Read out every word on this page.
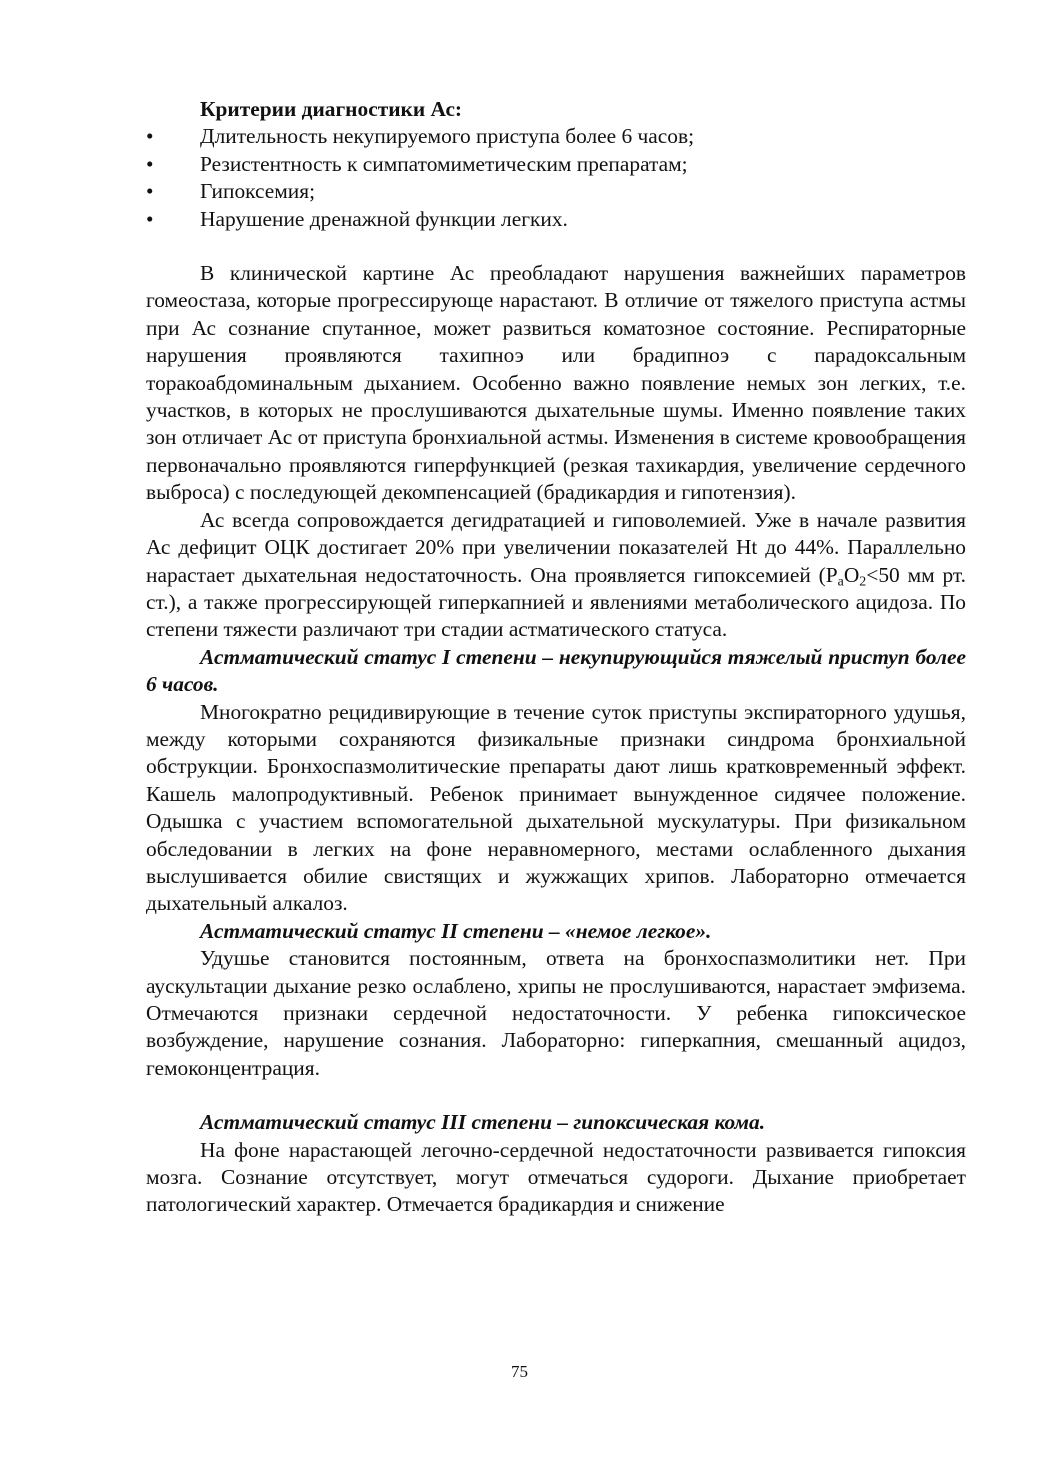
Критерии диагностики Ас:
• Длительность некупируемого приступа более 6 часов;
• Резистентность к симпатомиметическим препаратам;
• Гипоксемия;
• Нарушение дренажной функции легких.

В клинической картине Ас преобладают нарушения важнейших параметров гомеостаза, которые прогрессирующе нарастают. В отличие от тяжелого приступа астмы при Ас сознание спутанное, может развиться коматозное состояние. Респираторные нарушения проявляются тахипноэ или брадипноэ с парадоксальным торакоабдоминальным дыханием. Особенно важно появление немых зон легких, т.е. участков, в которых не прослушиваются дыхательные шумы. Именно появление таких зон отличает Ас от приступа бронхиальной астмы. Изменения в системе кровообращения первоначально проявляются гиперфункцией (резкая тахикардия, увеличение сердечного выброса) с последующей декомпенсацией (брадикардия и гипотензия).

Ас всегда сопровождается дегидратацией и гиповолемией. Уже в начале развития Ас дефицит ОЦК достигает 20% при увеличении показателей Ht до 44%. Параллельно нарастает дыхательная недостаточность. Она проявляется гипоксемией ($P_aO_2<50$ мм рт. ст.), а также прогрессирующей гиперкапнией и явлениями метаболического ацидоза. По степени тяжести различают три стадии астматического статуса.

Астматический статус I степени – некупирующийся тяжелый приступ более 6 часов.

Многократно рецидивирующие в течение суток приступы экспираторного удушья, между которыми сохраняются физикальные признаки синдрома бронхиальной обструкции. Бронхоспазмолитические препараты дают лишь кратковременный эффект. Кашель малопродуктивный. Ребенок принимает вынужденное сидячее положение. Одышка с участием вспомогательной дыхательной мускулатуры. При физикальном обследовании в легких на фоне неравномерного, местами ослабленного дыхания выслушивается обилие свистящих и жужжащих хрипов. Лабораторно отмечается дыхательный алкалоз.

Астматический статус II степени – «немое легкое».

Удушье становится постоянным, ответа на бронхоспазмолитики нет. При аускультации дыхание резко ослаблено, хрипы не прослушиваются, нарастает эмфизема. Отмечаются признаки сердечной недостаточности. У ребенка гипоксическое возбуждение, нарушение сознания. Лабораторно: гиперкапния, смешанный ацидоз, гемоконцентрация.

Астматический статус III степени – гипоксическая кома.

На фоне нарастающей легочно-сердечной недостаточности развивается гипоксия мозга. Сознание отсутствует, могут отмечаться судороги. Дыхание приобретает патологический характер. Отмечается брадикардия и снижение

75
